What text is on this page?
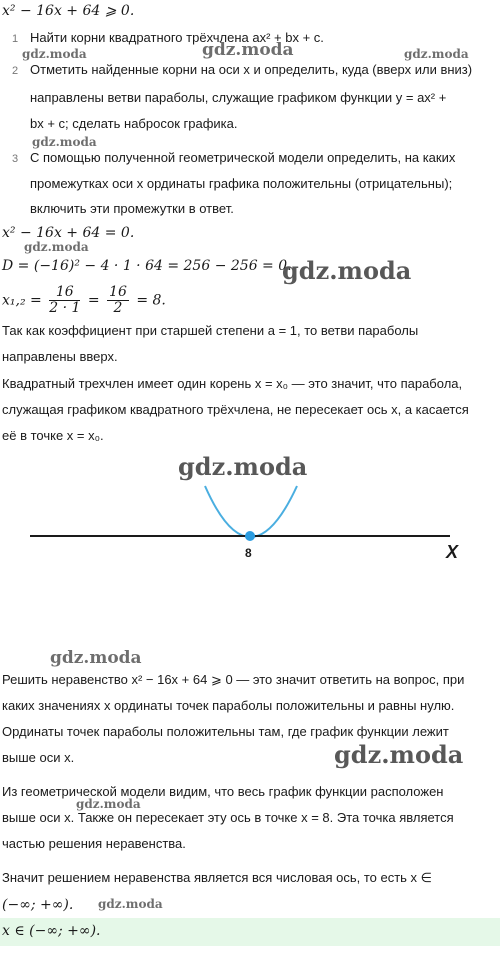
x² − 16x + 64 ⩾ 0.
1 Найти корни квадратного трёхчлена ax² + bx + c.
2 Отметить найденные корни на оси x и определить, куда (вверх или вниз)
направлены ветви параболы, служащие графиком функции y = ax² +
bx + c; сделать набросок графика.
3 С помощью полученной геометрической модели определить, на каких
промежутках оси x ординаты графика положительны (отрицательны);
включить эти промежутки в ответ.
x² − 16x + 64 = 0.
D = (−16)² − 4 · 1 · 64 = 256 − 256 = 0.
$x_1,_2 = \frac{16}{2 \cdot 1} = \frac{16}{2} = 8$.
Так как коэффициент при старшей степени a = 1, то ветви параболы
направлены вверх.
Квадратный трехчлен имеет один корень x = x₀ — это значит, что парабола,
служащая графиком квадратного трёхчлена, не пересекает ось x, а касается
её в точке x = x₀.
8	X
Решить неравенство x² − 16x + 64 ⩾ 0 — это значит ответить на вопрос, при
каких значениях x ординаты точек параболы положительны и равны нулю.
Ординаты точек параболы положительны там, где график функции лежит
выше оси x.
Из геометрической модели видим, что весь график функции расположен
выше оси x. Также он пересекает эту ось в точке x = 8. Эта точка является
частью решения неравенства.
Значит решением неравенства является вся числовая ось, то есть x ∈
(−∞; +∞).
x ∈ (−∞; +∞).
gdz.moda	gdz.moda	gdz.moda
gdz.moda
gdz.moda
gdz.moda
gdz.moda
gdz.moda
gdz.moda
gdz.moda
gdz.moda
